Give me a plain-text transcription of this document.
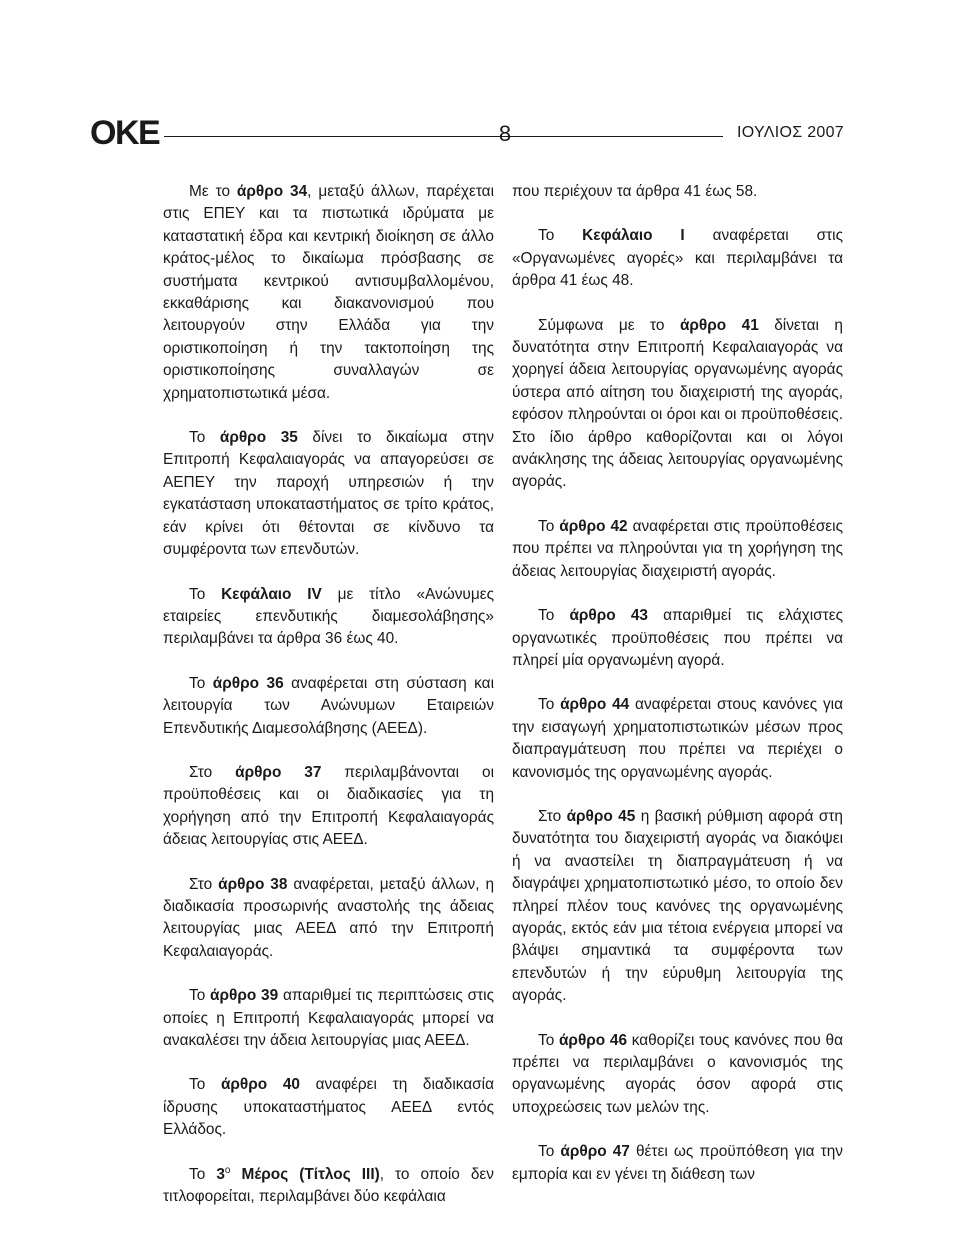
ΟΚΕ	8	ΙΟΥΛΙΟΣ 2007

Με το άρθρο 34, μεταξύ άλλων, παρέχεται στις ΕΠΕΥ και τα πιστωτικά ιδρύματα με καταστατική έδρα και κεντρική διοίκηση σε άλλο κράτος-μέλος το δικαίωμα πρόσβασης σε συστήματα κεντρικού αντισυμβαλλομένου, εκκαθάρισης και διακανονισμού που λειτουργούν στην Ελλάδα για την οριστικοποίηση ή την τακτοποίηση της οριστικοποίησης συναλλαγών σε χρηματοπιστωτικά μέσα.

Το άρθρο 35 δίνει το δικαίωμα στην Επιτροπή Κεφαλαιαγοράς να απαγορεύσει σε ΑΕΠΕΥ την παροχή υπηρεσιών ή την εγκατάσταση υποκαταστήματος σε τρίτο κράτος, εάν κρίνει ότι θέτονται σε κίνδυνο τα συμφέροντα των επενδυτών.

Το Κεφάλαιο IV με τίτλο «Ανώνυμες εταιρείες επενδυτικής διαμεσολάβησης» περιλαμβάνει τα άρθρα 36 έως 40.

Το άρθρο 36 αναφέρεται στη σύσταση και λειτουργία των Ανώνυμων Εταιρειών Επενδυτικής Διαμεσολάβησης (ΑΕΕΔ).

Στο άρθρο 37 περιλαμβάνονται οι προϋποθέσεις και οι διαδικασίες για τη χορήγηση από την Επιτροπή Κεφαλαιαγοράς άδειας λειτουργίας στις ΑΕΕΔ.

Στο άρθρο 38 αναφέρεται, μεταξύ άλλων, η διαδικασία προσωρινής αναστολής της άδειας λειτουργίας μιας ΑΕΕΔ από την Επιτροπή Κεφαλαιαγοράς.

Το άρθρο 39 απαριθμεί τις περιπτώσεις στις οποίες η Επιτροπή Κεφαλαιαγοράς μπορεί να ανακαλέσει την άδεια λειτουργίας μιας ΑΕΕΔ.

Το άρθρο 40 αναφέρει τη διαδικασία ίδρυσης υποκαταστήματος ΑΕΕΔ εντός Ελλάδος.

Το $3^o$ Μέρος (Τίτλος ΙΙΙ), το οποίο δεν τιτλοφορείται, περιλαμβάνει δύο κεφάλαια

που περιέχουν τα άρθρα 41 έως 58.

Το Κεφάλαιο Ι αναφέρεται στις «Οργανωμένες αγορές» και περιλαμβάνει τα άρθρα 41 έως 48.

Σύμφωνα με το άρθρο 41 δίνεται η δυνατότητα στην Επιτροπή Κεφαλαιαγοράς να χορηγεί άδεια λειτουργίας οργανωμένης αγοράς ύστερα από αίτηση του διαχειριστή της αγοράς, εφόσον πληρούνται οι όροι και οι προϋποθέσεις. Στο ίδιο άρθρο καθορίζονται και οι λόγοι ανάκλησης της άδειας λειτουργίας οργανωμένης αγοράς.

Το άρθρο 42 αναφέρεται στις προϋποθέσεις που πρέπει να πληρούνται για τη χορήγηση της άδειας λειτουργίας διαχειριστή αγοράς.

Το άρθρο 43 απαριθμεί τις ελάχιστες οργανωτικές προϋποθέσεις που πρέπει να πληρεί μία οργανωμένη αγορά.

Το άρθρο 44 αναφέρεται στους κανόνες για την εισαγωγή χρηματοπιστωτικών μέσων προς διαπραγμάτευση που πρέπει να περιέχει ο κανονισμός της οργανωμένης αγοράς.

Στο άρθρο 45 η βασική ρύθμιση αφορά στη δυνατότητα του διαχειριστή αγοράς να διακόψει ή να αναστείλει τη διαπραγμάτευση ή να διαγράψει χρηματοπιστωτικό μέσο, το οποίο δεν πληρεί πλέον τους κανόνες της οργανωμένης αγοράς, εκτός εάν μια τέτοια ενέργεια μπορεί να βλάψει σημαντικά τα συμφέροντα των επενδυτών ή την εύρυθμη λειτουργία της αγοράς.

Το άρθρο 46 καθορίζει τους κανόνες που θα πρέπει να περιλαμβάνει ο κανονισμός της οργανωμένης αγοράς όσον αφορά στις υποχρεώσεις των μελών της.

Το άρθρο 47 θέτει ως προϋπόθεση για την εμπορία και εν γένει τη διάθεση των
